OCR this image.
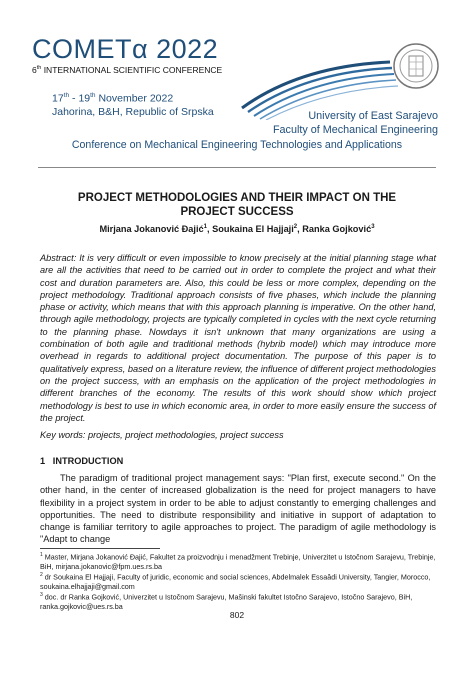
COMETα 2022
6th INTERNATIONAL SCIENTIFIC CONFERENCE
17th - 19th November 2022
Jahorina, B&H, Republic of Srpska	University of East Sarajevo
Faculty of Mechanical Engineering
Conference on Mechanical Engineering Technologies and Applications
PROJECT METHODOLOGIES AND THEIR IMPACT ON THE
PROJECT SUCCESS
Mirjana Jokanović Đajić$^1$, Soukaina El Hajjaji$^2$, Ranka Gojković$^3$
Abstract: It is very difficult or even impossible to know precisely at the initial planning stage what are all the activities that need to be carried out in order to complete the project and what their cost and duration parameters are. Also, this could be less or more complex, depending on the project methodology. Traditional approach consists of five phases, which include the planning phase or activity, which means that with this approach planning is imperative. On the other hand, through agile methodology, projects are typically completed in cycles with the next cycle returning to the planning phase. Nowdays it isn't unknown that many organizations are using a combination of both agile and traditional methods (hybrib model) which may introduce more overhead in regards to additional project documentation. The purpose of this paper is to qualitatively express, based on a literature review, the influence of different project methodologies on the project success, with an emphasis on the application of the project methodologies in different branches of the economy. The results of this work should show which project methodology is best to use in which economic area, in order to more easily ensure the success of the project.
Key words: projects, project methodologies, project success
1 INTRODUCTION
The paradigm of traditional project management says: "Plan first, execute second." On the other hand, in the center of increased globalization is the need for project managers to have flexibility in a project system in order to be able to adjust constantly to emerging challenges and opportunities. The need to distribute responsibility and initiative in support of adaptation to change is familiar territory to agile approaches to project. The paradigm of agile methodology is "Adapt to change
$^1$ Master, Mirjana Jokanović Đajić, Fakultet za proizvodnju i menadžment Trebinje, Univerzitet u Istočnom Sarajevu, Trebinje, BiH, mirjana.jokanovic@fpm.ues.rs.ba
$^2$ dr Soukaina El Hajjaji, Faculty of juridic, economic and social sciences, Abdelmalek Essaâdi University, Tangier, Morocco, soukaina.elhajjaji@gmail.com
$^3$ doc. dr Ranka Gojković, Univerzitet u Istočnom Sarajevu, Mašinski fakultet Istočno Sarajevo, Istočno Sarajevo, BiH, ranka.gojkovic@ues.rs.ba
802
